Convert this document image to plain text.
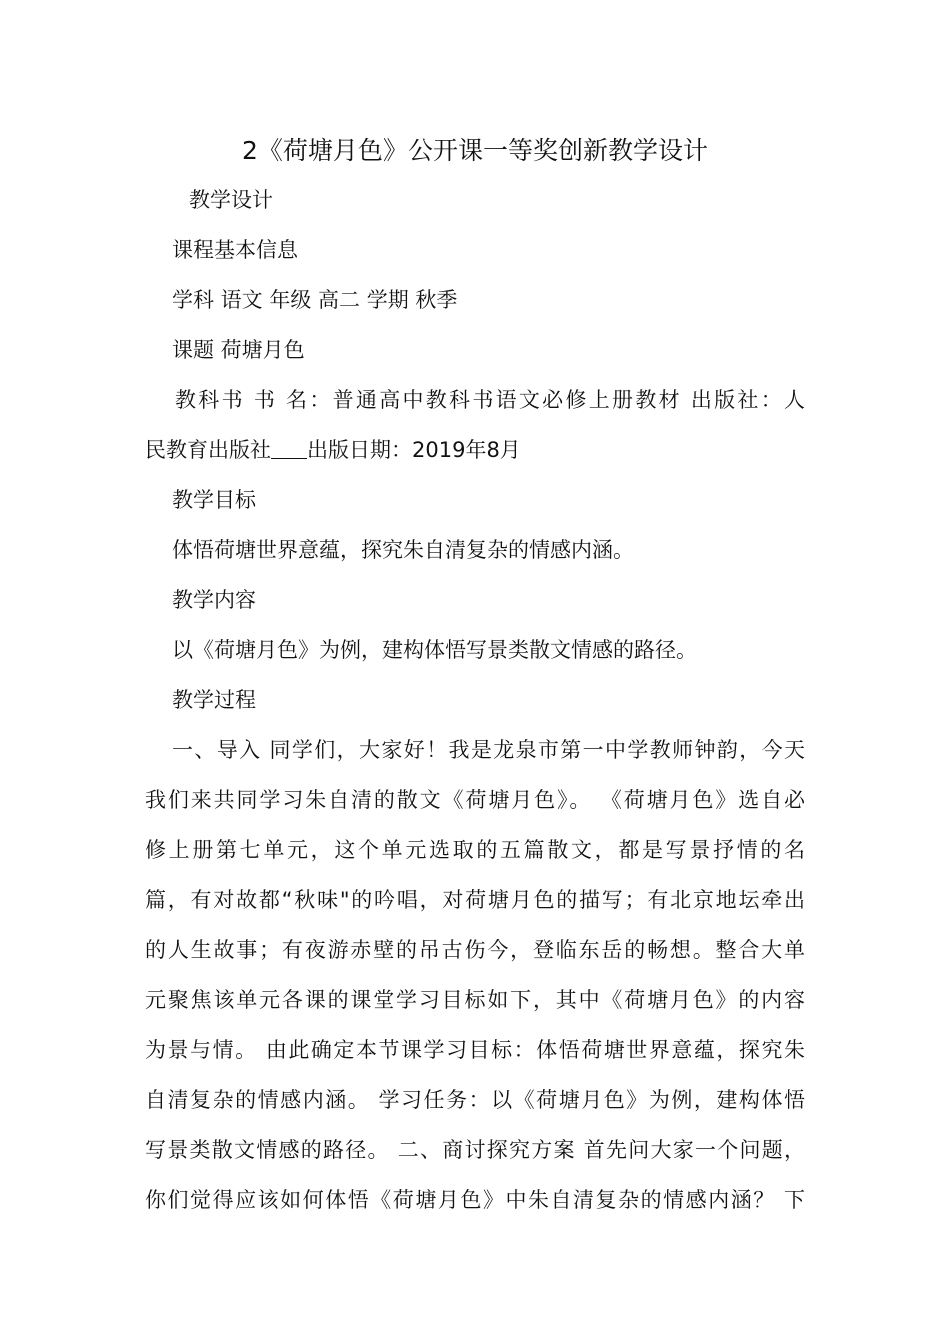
2《荷塘月色》公开课一等奖创新教学设计
教学设计
课程基本信息
学科 语文 年级 高二 学期 秋季
课题 荷塘月色
教科书 书 名：普通高中教科书语文必修上册教材 出版社：人
民教育出版社 出版日期：2019年8月
教学目标
体悟荷塘世界意蕴，探究朱自清复杂的情感内涵。
教学内容
以《荷塘月色》为例，建构体悟写景类散文情感的路径。
教学过程
一、导入 同学们，大家好！我是龙泉市第一中学教师钟韵，今天
我们来共同学习朱自清的散文《荷塘月色》。 《荷塘月色》选自必
修上册第七单元，这个单元选取的五篇散文，都是写景抒情的名
篇，有对故都“秋味"的吟唱，对荷塘月色的描写；有北京地坛牵出
的人生故事；有夜游赤壁的吊古伤今，登临东岳的畅想。整合大单
元聚焦该单元各课的课堂学习目标如下，其中《荷塘月色》的内容
为景与情。 由此确定本节课学习目标：体悟荷塘世界意蕴，探究朱
自清复杂的情感内涵。 学习任务：以《荷塘月色》为例，建构体悟
写景类散文情感的路径。 二、商讨探究方案 首先问大家一个问题，
你们觉得应该如何体悟《荷塘月色》中朱自清复杂的情感内涵？ 下
